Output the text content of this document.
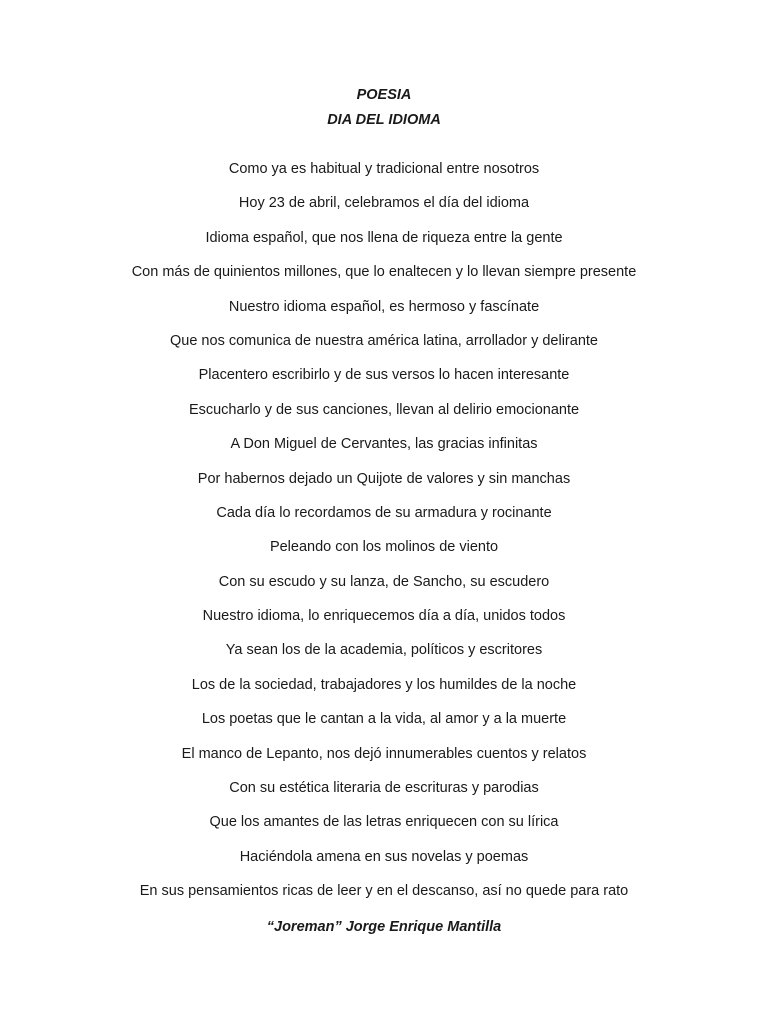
POESIA
DIA DEL IDIOMA
Como ya es habitual y tradicional entre nosotros
Hoy 23 de abril, celebramos el día del idioma
Idioma español, que nos llena de riqueza entre la gente
Con más de quinientos millones, que lo enaltecen y lo llevan siempre presente
Nuestro idioma español, es hermoso y fascínate
Que nos comunica de nuestra américa latina, arrollador y delirante
Placentero escribirlo y de sus versos lo hacen interesante
Escucharlo y de sus canciones, llevan al delirio emocionante
A Don Miguel de Cervantes, las gracias infinitas
Por habernos dejado un Quijote de valores y sin manchas
Cada día lo recordamos de su armadura y rocinante
Peleando con los molinos de viento
Con su escudo y su lanza, de Sancho, su escudero
Nuestro idioma, lo enriquecemos día a día, unidos todos
Ya sean los de la academia, políticos y escritores
Los de la sociedad, trabajadores y los humildes de la noche
Los poetas que le cantan a la vida, al amor y a la muerte
El manco de Lepanto, nos dejó innumerables cuentos y relatos
Con su estética literaria de escrituras y parodias
Que los amantes de las letras enriquecen con su lírica
Haciéndola amena en sus novelas y poemas
En sus pensamientos ricas de leer y en el descanso, así no quede para rato
“Joreman” Jorge Enrique Mantilla
